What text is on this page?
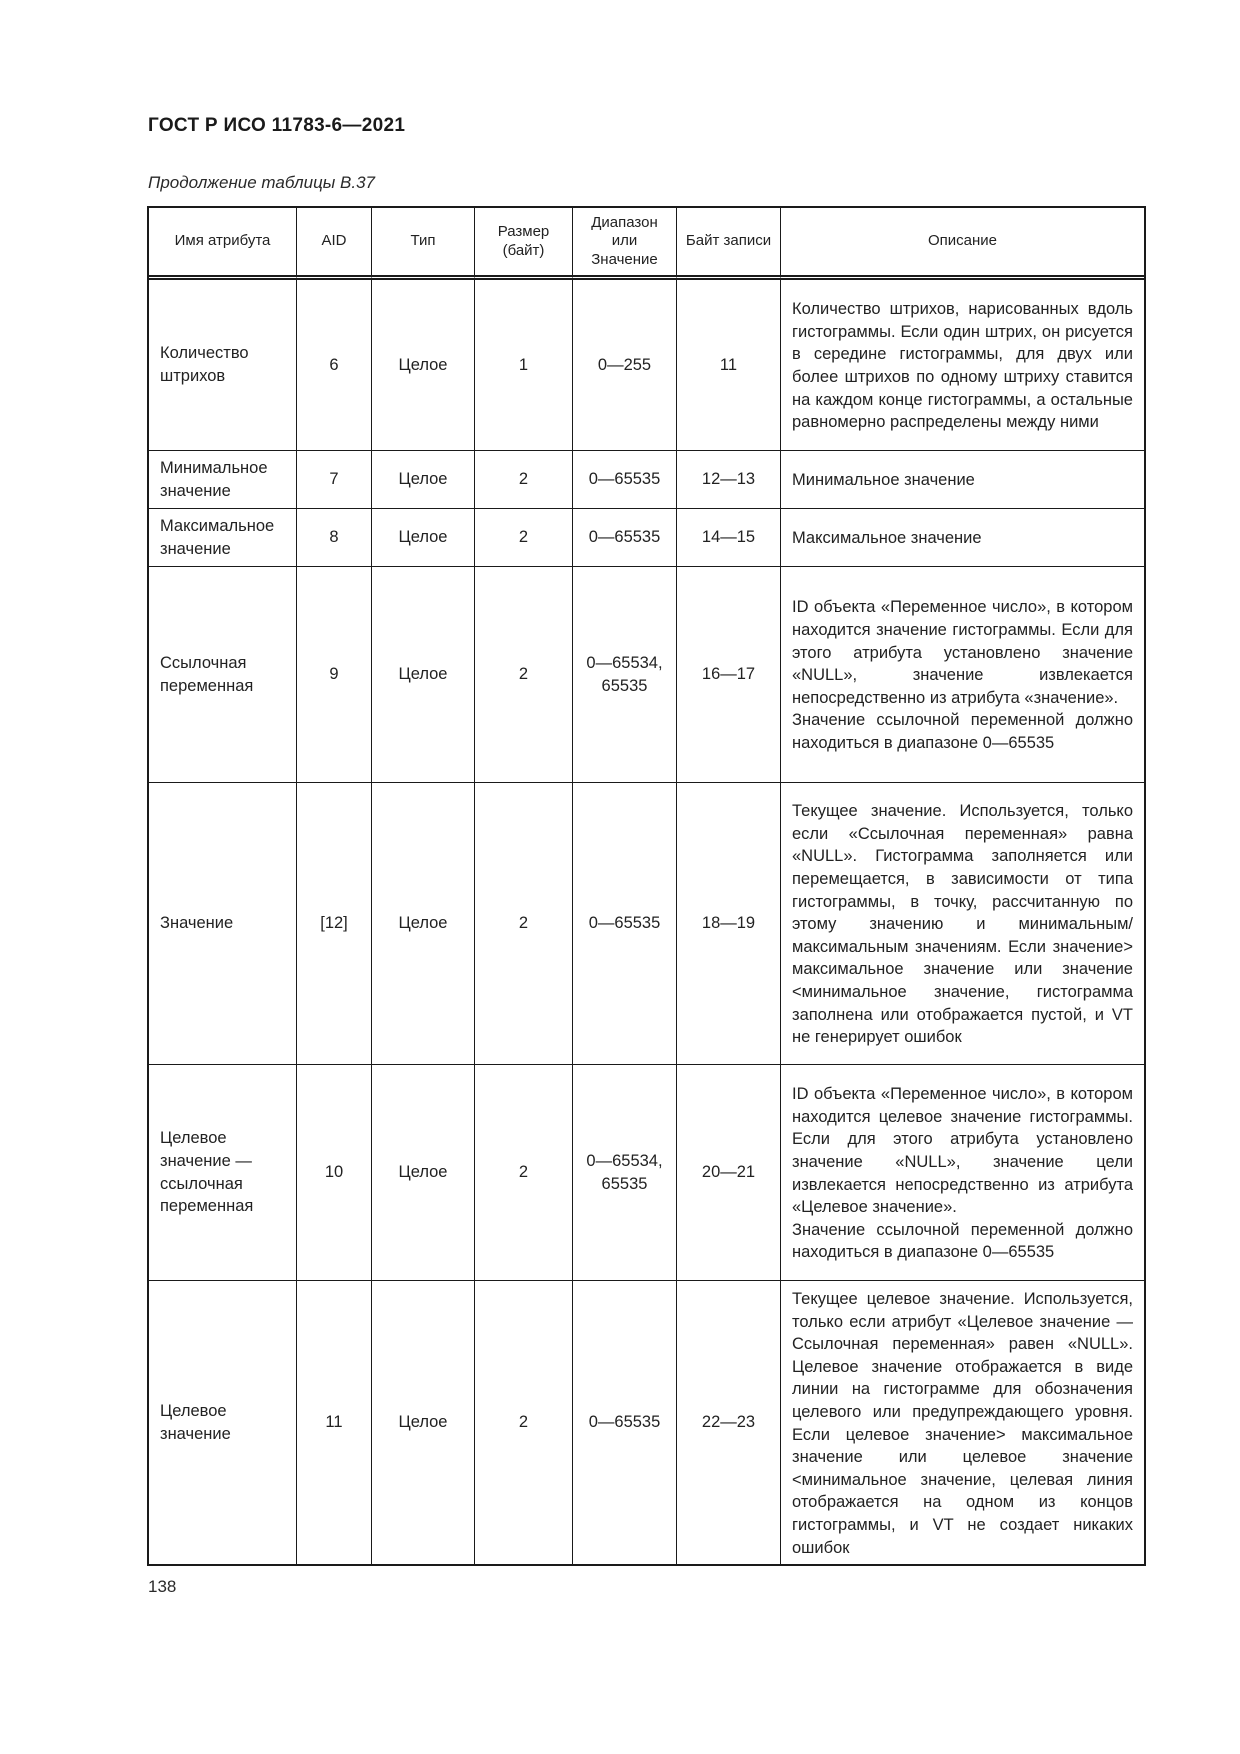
ГОСТ Р ИСО 11783-6—2021
Продолжение таблицы В.37
Имя атрибута	AID	Тип	Размер (байт)	Диапазон или Значение	Байт записи	Описание
Количество штрихов	6	Целое	1	0—255	11	Количество штрихов, нарисованных вдоль гистограммы. Если один штрих, он рисуется в середине гистограммы, для двух или более штрихов по одному штриху ставится на каждом конце гистограммы, а остальные равномерно распределены между ними

Минимальное значение	7	Целое	2	0—65535	12—13	Минимальное значение

Максимальное значение	8	Целое	2	0—65535	14—15	Максимальное значение

Ссылочная переменная	9	Целое	2	0—65534, 65535	16—17	ID объекта «Переменное число», в котором находится значение гистограммы. Если для этого атрибута установлено значение «NULL», значение извлекается непосредственно из атрибута «значение».
Значение ссылочной переменной должно находиться в диапазоне 0—65535

Значение	[12]	Целое	2	0—65535	18—19	Текущее значение. Используется, только если «Ссылочная переменная» равна «NULL». Гистограмма заполняется или перемещается, в зависимости от типа гистограммы, в точку, рассчитанную по этому значению и минимальным/максимальным значениям. Если значение> максимальное значение или значение <минимальное значение, гистограмма заполнена или отображается пустой, и VT не генерирует ошибок

Целевое значение — ссылочная переменная	10	Целое	2	0—65534, 65535	20—21	ID объекта «Переменное число», в котором находится целевое значение гистограммы. Если для этого атрибута установлено значение «NULL», значение цели извлекается непосредственно из атрибута «Целевое значение».
Значение ссылочной переменной должно находиться в диапазоне 0—65535

Целевое значение	11	Целое	2	0—65535	22—23	Текущее целевое значение. Используется, только если атрибут «Целевое значение — Ссылочная переменная» равен «NULL». Целевое значение отображается в виде линии на гистограмме для обозначения целевого или предупреждающего уровня. Если целевое значение> максимальное значение или целевое значение <минимальное значение, целевая линия отображается на одном из концов гистограммы, и VT не создает никаких ошибок
138
